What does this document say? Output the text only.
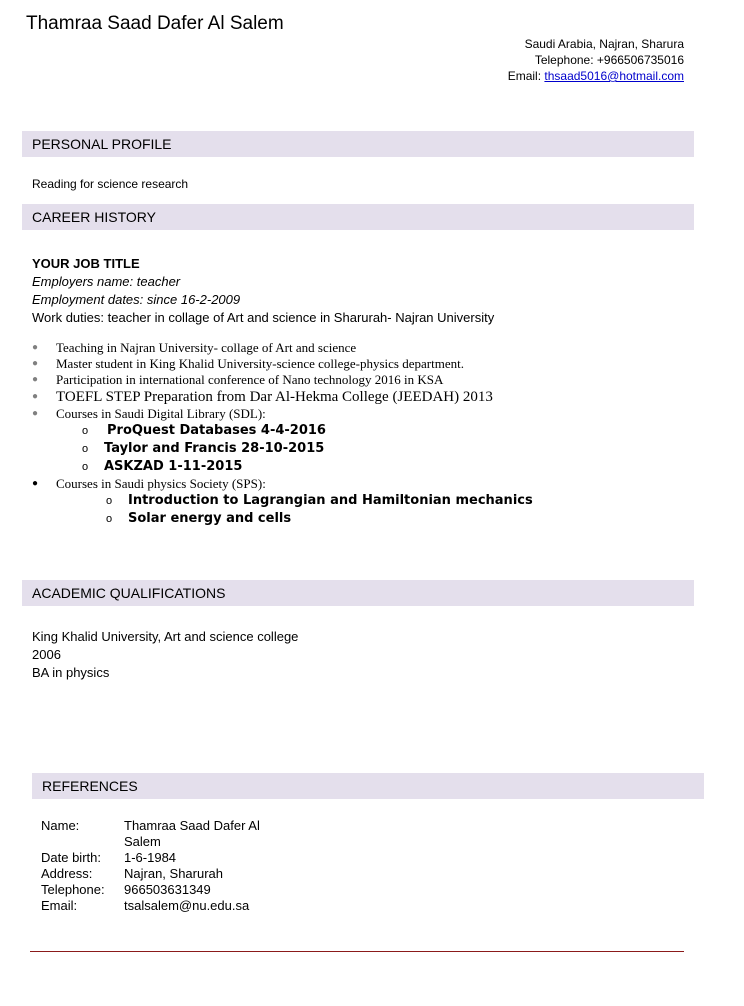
Thamraa Saad Dafer Al Salem
Saudi Arabia, Najran, Sharura
Telephone: +966506735016
Email: thsaad5016@hotmail.com
PERSONAL PROFILE
Reading for science research
CAREER HISTORY
YOUR JOB TITLE
Employers name: teacher
Employment dates: since 16-2-2009
Work duties: teacher in collage of Art and science in Sharurah- Najran University
● Teaching in Najran University- collage of Art and science
● Master student in King Khalid University-science college-physics department.
● Participation in international conference of Nano technology 2016 in KSA
● TOEFL STEP Preparation from Dar Al-Hekma College (JEEDAH) 2013
● Courses in Saudi Digital Library (SDL):
o ProQuest Databases 4-4-2016
o Taylor and Francis 28-10-2015
o ASKZAD 1-11-2015
● Courses in Saudi physics Society (SPS):
o Introduction to Lagrangian and Hamiltonian mechanics
o Solar energy and cells
ACADEMIC QUALIFICATIONS
King Khalid University, Art and science college
2006
BA in physics
REFERENCES
Name:	Thamraa Saad Dafer Al
Salem

Date birth:	1-6-1984
Address:	Najran, Sharurah
Telephone:	966503631349
Email:	tsalsalem@nu.edu.sa
